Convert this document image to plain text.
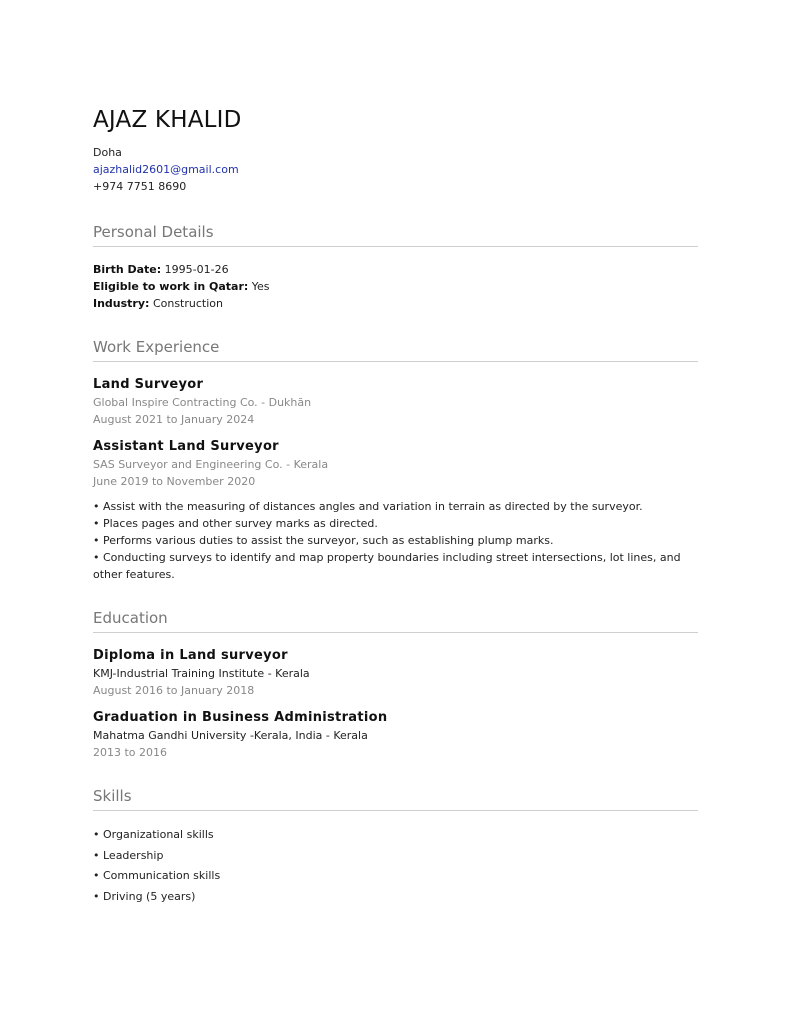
AJAZ KHALID
Doha
ajazhalid2601@gmail.com
+974 7751 8690
Personal Details
Birth Date: 1995-01-26
Eligible to work in Qatar: Yes
Industry: Construction
Work Experience
Land Surveyor
Global Inspire Contracting Co. - Dukhān
August 2021 to January 2024
Assistant Land Surveyor
SAS Surveyor and Engineering Co. - Kerala
June 2019 to November 2020
• Assist with the measuring of distances angles and variation in terrain as directed by the surveyor.
• Places pages and other survey marks as directed.
• Performs various duties to assist the surveyor, such as establishing plump marks.
• Conducting surveys to identify and map property boundaries including street intersections, lot lines, and other features.
Education
Diploma in Land surveyor
KMJ-Industrial Training Institute - Kerala
August 2016 to January 2018
Graduation in Business Administration
Mahatma Gandhi University -Kerala, India - Kerala
2013 to 2016
Skills
• Organizational skills
• Leadership
• Communication skills
• Driving (5 years)
